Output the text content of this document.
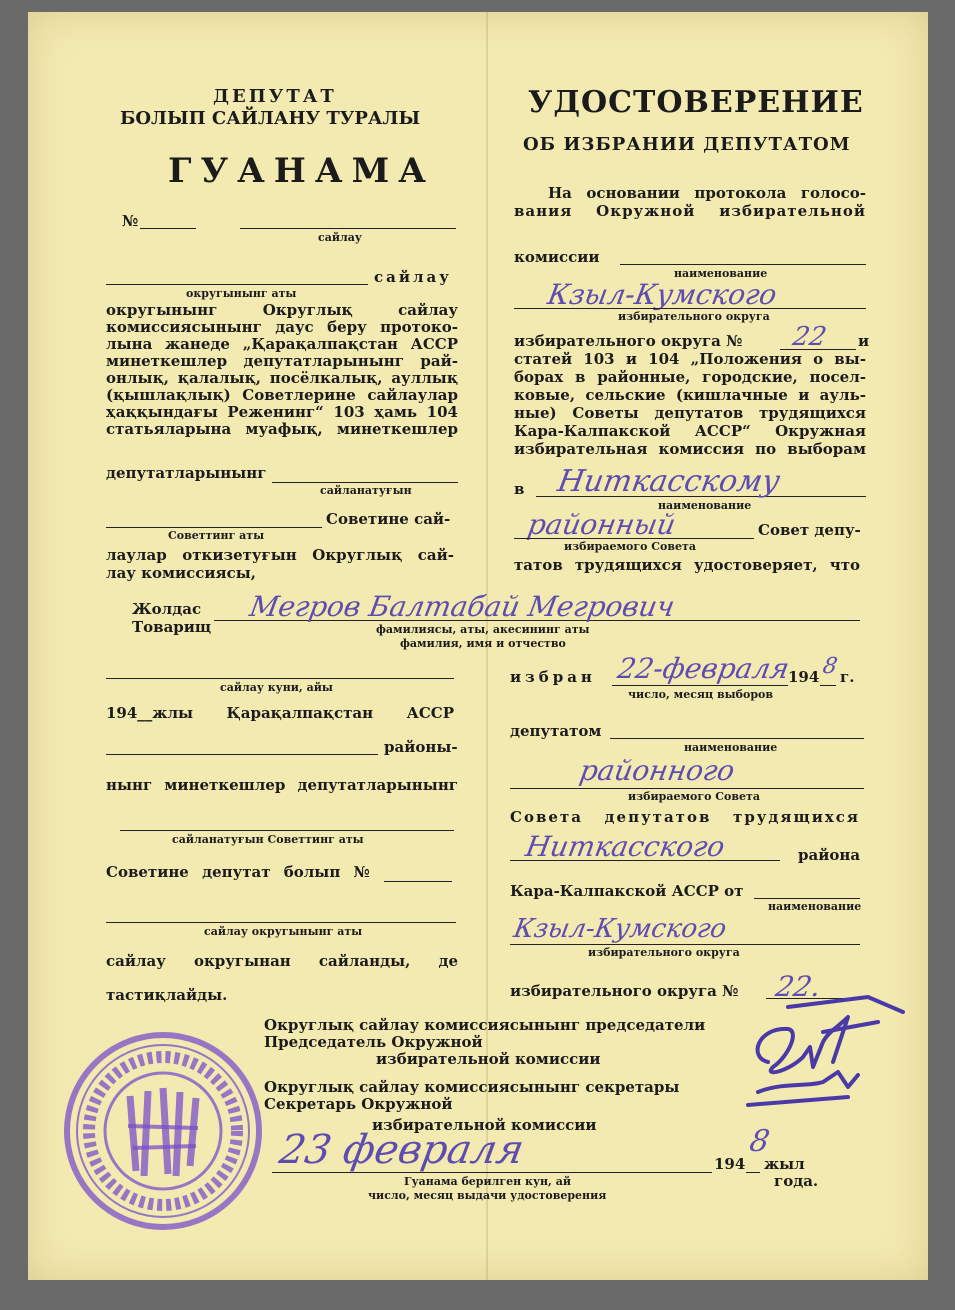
ДЕПУТАТ
БОЛЫП САЙЛАНУ ТУРАЛЫ
ГУАНАМА
№
сайлау
сайлау
округынынг аты
округынынг Округлық сайлау
комиссиясынынг даус беру протоко-
лына жанеде „Қарақалпақстан АССР
минеткешлер депутатларынынг рай-
онлық, қалалық, посёлкалық, ауллық
(қышлақлық) Советлерине сайлаулар
ҳаққындағы Реженинг“ 103 ҳамь 104
статьяларына муафық, минеткешлер
депутатларынынг
сайланатуғын
Советине сай-
Советтинг аты
лаулар откизетуғын Округлық сай-
лау комиссиясы,
Жолдас
Товарищ
Мегров Балтабай Мегрович
фамилиясы, аты, акесининг аты
фамилия, имя и отчество
сайлау куни, айы
194__жлы Қарақалпақстан АССР
районы-
нынг минеткешлер депутатларынынг
сайланатуғын Советтинг аты
Советине депутат болып №
сайлау округынынг аты
сайлау округынан сайланды, де
тастиқлайды.
УДОСТОВЕРЕНИЕ
ОБ ИЗБРАНИИ ДЕПУТАТОМ
На основании протокола голосо-
вания Окружной избирательной
комиссии
наименование
Кзыл-Кумского
избирательного округа
избирательного округа № 22 и
статей 103 и 104 „Положения о вы-
борах в районные, городские, посел-
ковые, сельские (кишлачные и ауль-
ные) Советы депутатов трудящихся
Кара-Калпакской АССР“ Окружная
избирательная комиссия по выборам
в Ниткасскому
наименование
районный	Совет депу-
избираемого Совета
татов трудящихся удостоверяет, что
избран 22-февраля
194 8 г.
число, месяц выборов
депутатом
наименование
районного
избираемого Совета
Совета депутатов трудящихся
Ниткасского	района
Кара-Калпакской АССР от
наименование
Кзыл-Кумского
избирательного округа
избирательного округа № 22.
Округлық сайлау комиссиясынынг председатели
Председатель Окружной
избирательной комиссии
Округлық сайлау комиссиясынынг секретары
Секретарь Окружной
избирательной комиссии
23 февраля	194
8
жыл
года.
Гуанама берилген кун, ай
число, месяц выдачи удостоверения
